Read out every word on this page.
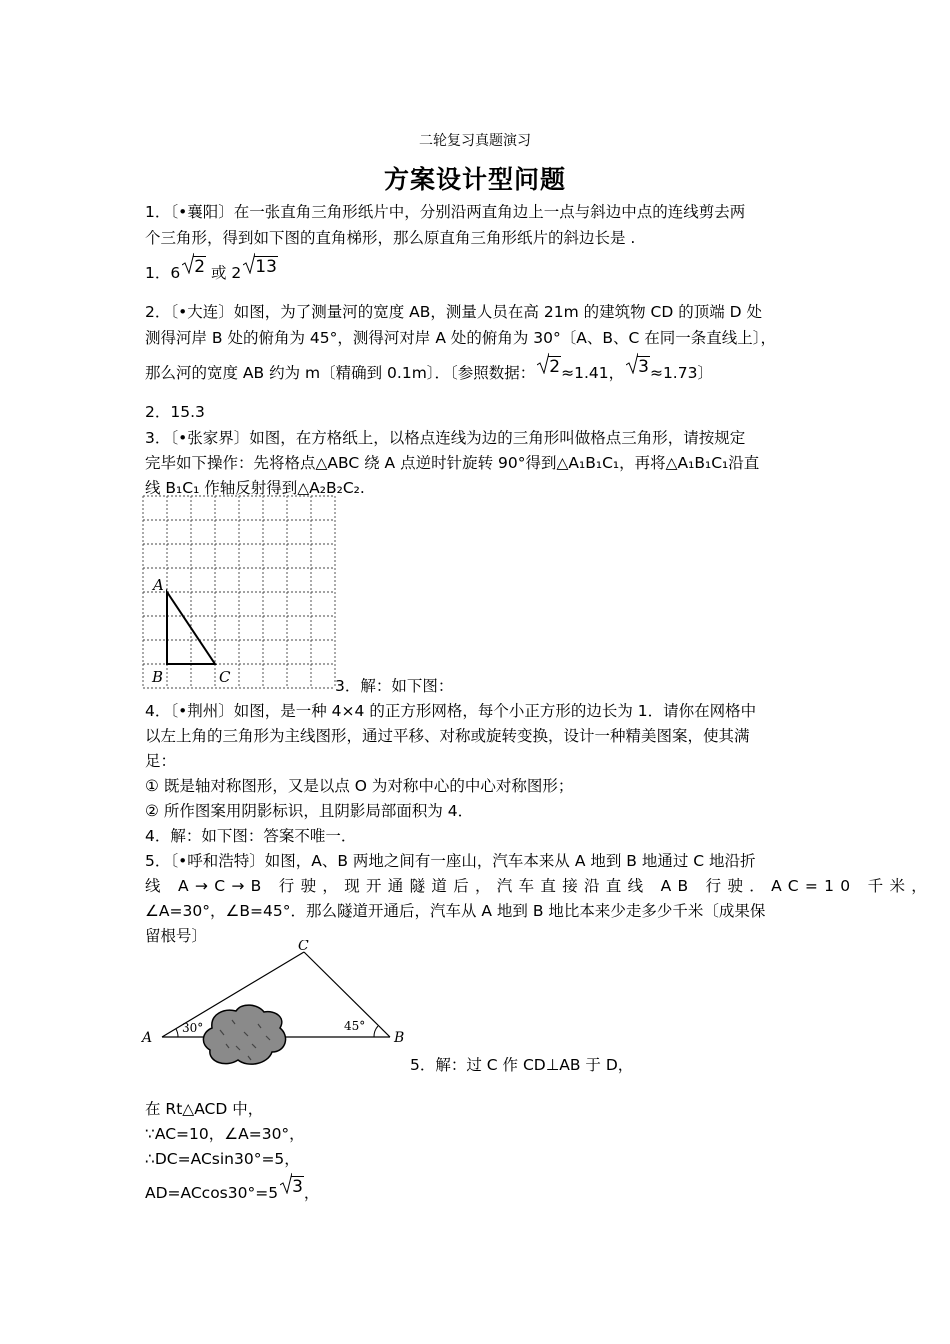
二轮复习真题演习
方案设计型问题
1．〔•襄阳〕在一张直角三角形纸片中，分别沿两直角边上一点与斜边中点的连线剪去两
个三角形，得到如下图的直角梯形，那么原直角三角形纸片的斜边长是 .
1．6 2 或 2 13
2．〔•大连〕如图，为了测量河的宽度 AB，测量人员在高 21m 的建筑物 CD 的顶端 D 处
测得河岸 B 处的俯角为 45°，测得河对岸 A 处的俯角为 30°〔A、B、C 在同一条直线上〕，
那么河的宽度 AB 约为 m〔精确到 0.1m〕．〔参照数据： 2≈1.41， 3≈1.73〕
2．15.3
3．〔•张家界〕如图，在方格纸上，以格点连线为边的三角形叫做格点三角形，请按规定
完毕如下操作：先将格点△ABC 绕 A 点逆时针旋转 90°得到△A₁B₁C₁，再将△A₁B₁C₁沿直
线 B₁C₁ 作轴反射得到△A₂B₂C₂.
A
B	C	3．解：如下图：
4．〔•荆州〕如图，是一种 4×4 的正方形网格，每个小正方形的边长为 1．请你在网格中
以左上角的三角形为主线图形，通过平移、对称或旋转变换，设计一种精美图案，使其满
足：
① 既是轴对称图形，又是以点 O 为对称中心的中心对称图形；
② 所作图案用阴影标识，且阴影局部面积为 4．
4．解：如下图：答案不唯一．
5．〔•呼和浩特〕如图，A、B 两地之间有一座山，汽车本来从 A 地到 B 地通过 C 地沿折
线 A→C→B 行驶，现开通隧道后，汽车直接沿直线 AB 行驶．AC=10 千米，
∠A=30°，∠B=45°．那么隧道开通后，汽车从 A 地到 B 地比本来少走多少千米〔成果保
留根号〕
A	B
C
30°	45°
5．解：过 C 作 CD⊥AB 于 D，
在 Rt△ACD 中，
∵AC=10，∠A=30°，
∴DC=ACsin30°=5，
AD=ACcos30°=5 3，
